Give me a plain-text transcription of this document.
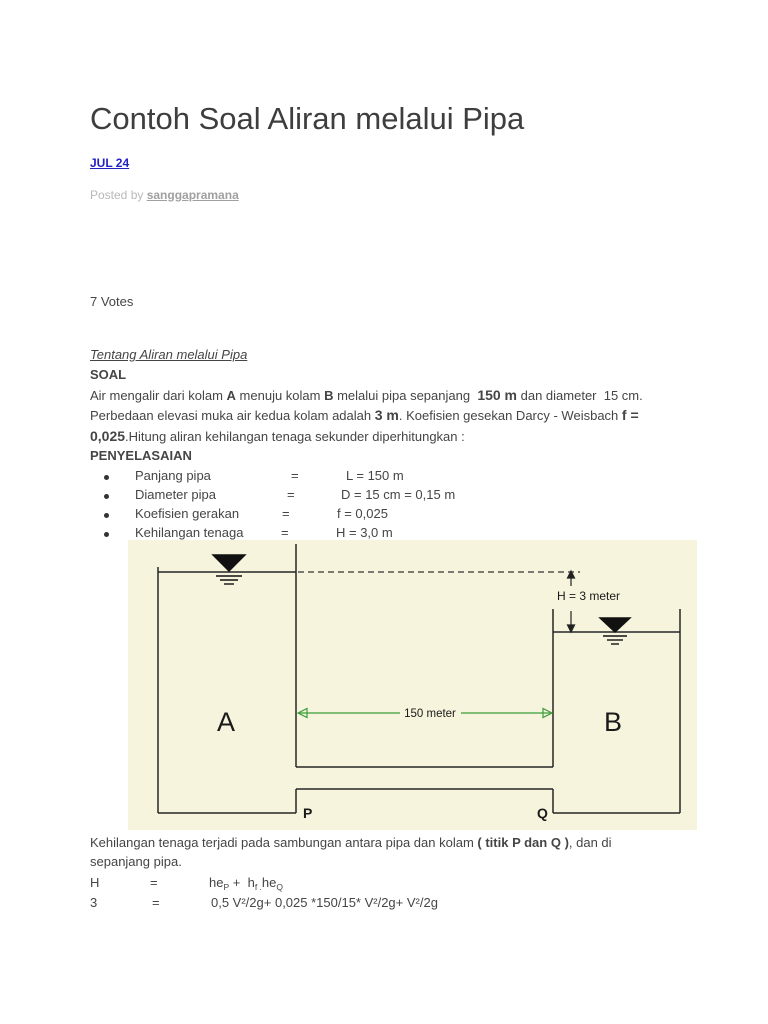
Contoh Soal Aliran melalui Pipa
JUL 24
Posted by sanggapramana
7 Votes
Tentang Aliran melalui Pipa
SOAL
Air mengalir dari kolam A menuju kolam B melalui pipa sepanjang 150 m dan diameter  15 cm.
Perbedaan elevasi muka air kedua kolam adalah 3 m . Koefisien gesekan Darcy - Weisbach f =
0,025 .Hitung aliran kehilangan tenaga sekunder diperhitungkan :
PENYELASAIAN
Panjang pipa	=	L = 150 m
Diameter pipa	=	D = 15 cm = 0,15 m
Koefisien gerakan	=	f = 0,025
Kehilangan tenaga	=	H = 3,0 m
H = 3 meter
150 meter
A	B
P	Q
Kehilangan tenaga terjadi pada sambungan antara pipa dan kolam ( titik P dan Q ) , dan di
sepanjang pipa.
H	=	he P +  h f . he Q
3	=	0,5 V²/2g+ 0,025 *150/15* V²/2g+ V²/2g
